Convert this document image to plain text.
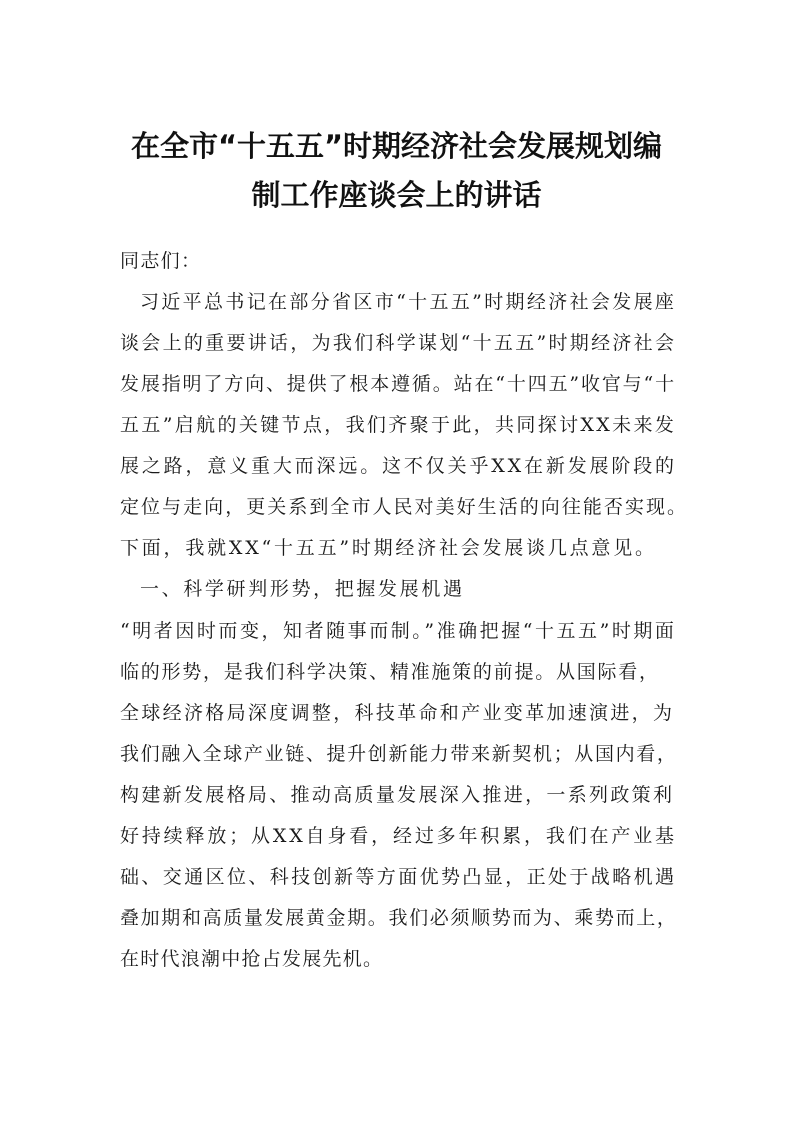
在全市“十五五”时期经济社会发展规划编
制工作座谈会上的讲话
同志们：
习近平总书记在部分省区市“十五五”时期经济社会发展座
谈会上的重要讲话，为我们科学谋划“十五五”时期经济社会
发展指明了方向、提供了根本遵循。站在“十四五”收官与“十
五五”启航的关键节点，我们齐聚于此，共同探讨XX未来发
展之路，意义重大而深远。这不仅关乎XX在新发展阶段的
定位与走向，更关系到全市人民对美好生活的向往能否实现。
下面，我就XX“十五五”时期经济社会发展谈几点意见。
一、科学研判形势，把握发展机遇
“明者因时而变，知者随事而制。”准确把握“十五五”时期面
临的形势，是我们科学决策、精准施策的前提。从国际看，
全球经济格局深度调整，科技革命和产业变革加速演进，为
我们融入全球产业链、提升创新能力带来新契机；从国内看，
构建新发展格局、推动高质量发展深入推进，一系列政策利
好持续释放；从XX自身看，经过多年积累，我们在产业基
础、交通区位、科技创新等方面优势凸显，正处于战略机遇
叠加期和高质量发展黄金期。我们必须顺势而为、乘势而上，
在时代浪潮中抢占发展先机。
